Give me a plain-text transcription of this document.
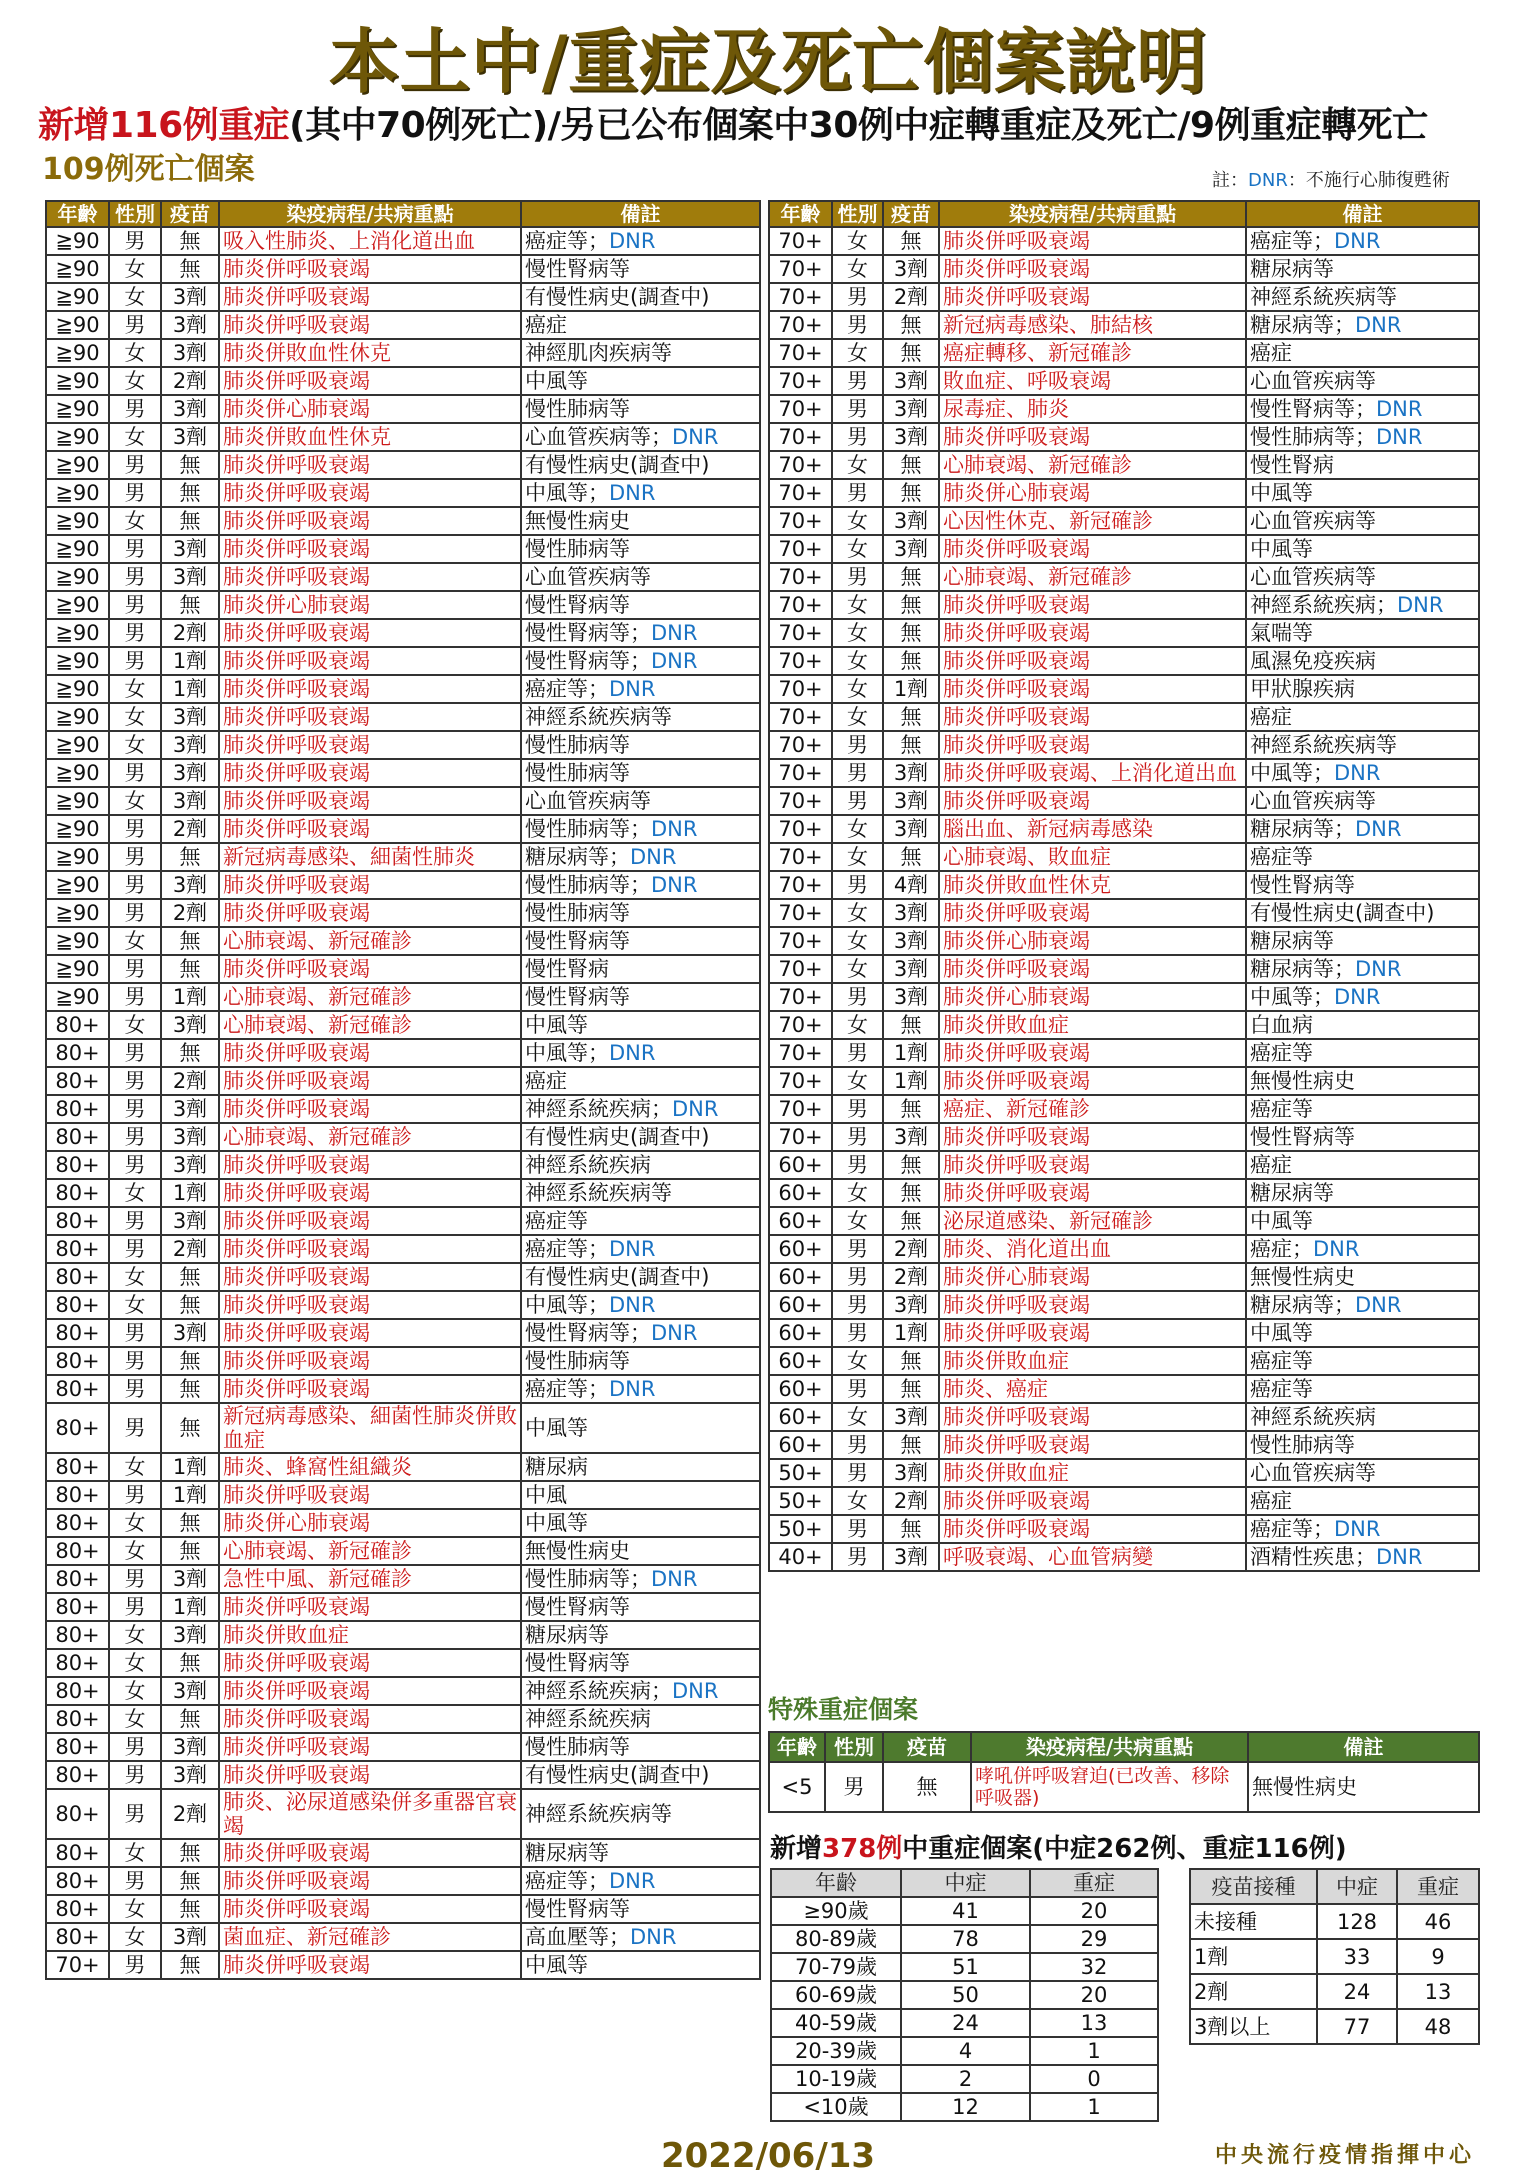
本土中/重症及死亡個案說明
新增116例重症(其中70例死亡)/另已公布個案中30例中症轉重症及死亡/9例重症轉死亡
109例死亡個案	註：DNR：不施行心肺復甦術
年齡	性別	疫苗	染疫病程/共病重點	備註
≧90	男	無	吸入性肺炎、上消化道出血	癌症等；DNR
≧90	女	無	肺炎併呼吸衰竭	慢性腎病等
≧90	女	3劑	肺炎併呼吸衰竭	有慢性病史(調查中)
≧90	男	3劑	肺炎併呼吸衰竭	癌症
≧90	女	3劑	肺炎併敗血性休克	神經肌肉疾病等
≧90	女	2劑	肺炎併呼吸衰竭	中風等
≧90	男	3劑	肺炎併心肺衰竭	慢性肺病等
≧90	女	3劑	肺炎併敗血性休克	心血管疾病等；DNR
≧90	男	無	肺炎併呼吸衰竭	有慢性病史(調查中)
≧90	男	無	肺炎併呼吸衰竭	中風等；DNR
≧90	女	無	肺炎併呼吸衰竭	無慢性病史
≧90	男	3劑	肺炎併呼吸衰竭	慢性肺病等
≧90	男	3劑	肺炎併呼吸衰竭	心血管疾病等
≧90	男	無	肺炎併心肺衰竭	慢性腎病等
≧90	男	2劑	肺炎併呼吸衰竭	慢性腎病等；DNR
≧90	男	1劑	肺炎併呼吸衰竭	慢性腎病等；DNR
≧90	女	1劑	肺炎併呼吸衰竭	癌症等；DNR
≧90	女	3劑	肺炎併呼吸衰竭	神經系統疾病等
≧90	女	3劑	肺炎併呼吸衰竭	慢性肺病等
≧90	男	3劑	肺炎併呼吸衰竭	慢性肺病等
≧90	女	3劑	肺炎併呼吸衰竭	心血管疾病等
≧90	男	2劑	肺炎併呼吸衰竭	慢性肺病等；DNR
≧90	男	無	新冠病毒感染、細菌性肺炎	糖尿病等；DNR
≧90	男	3劑	肺炎併呼吸衰竭	慢性肺病等；DNR
≧90	男	2劑	肺炎併呼吸衰竭	慢性肺病等
≧90	女	無	心肺衰竭、新冠確診	慢性腎病等
≧90	男	無	肺炎併呼吸衰竭	慢性腎病
≧90	男	1劑	心肺衰竭、新冠確診	慢性腎病等
80+	女	3劑	心肺衰竭、新冠確診	中風等
80+	男	無	肺炎併呼吸衰竭	中風等；DNR
80+	男	2劑	肺炎併呼吸衰竭	癌症
80+	男	3劑	肺炎併呼吸衰竭	神經系統疾病；DNR
80+	男	3劑	心肺衰竭、新冠確診	有慢性病史(調查中)
80+	男	3劑	肺炎併呼吸衰竭	神經系統疾病
80+	女	1劑	肺炎併呼吸衰竭	神經系統疾病等
80+	男	3劑	肺炎併呼吸衰竭	癌症等
80+	男	2劑	肺炎併呼吸衰竭	癌症等；DNR
80+	女	無	肺炎併呼吸衰竭	有慢性病史(調查中)
80+	女	無	肺炎併呼吸衰竭	中風等；DNR
80+	男	3劑	肺炎併呼吸衰竭	慢性腎病等；DNR
80+	男	無	肺炎併呼吸衰竭	慢性肺病等
80+	男	無	肺炎併呼吸衰竭	癌症等；DNR
80+	男	無	新冠病毒感染、細菌性肺炎併敗血症	中風等
80+	女	1劑	肺炎、蜂窩性組織炎	糖尿病
80+	男	1劑	肺炎併呼吸衰竭	中風
80+	女	無	肺炎併心肺衰竭	中風等
80+	女	無	心肺衰竭、新冠確診	無慢性病史
80+	男	3劑	急性中風、新冠確診	慢性肺病等；DNR
80+	男	1劑	肺炎併呼吸衰竭	慢性腎病等
80+	女	3劑	肺炎併敗血症	糖尿病等
80+	女	無	肺炎併呼吸衰竭	慢性腎病等
80+	女	3劑	肺炎併呼吸衰竭	神經系統疾病；DNR
80+	女	無	肺炎併呼吸衰竭	神經系統疾病
80+	男	3劑	肺炎併呼吸衰竭	慢性肺病等
80+	男	3劑	肺炎併呼吸衰竭	有慢性病史(調查中)
80+	男	2劑	肺炎、泌尿道感染併多重器官衰竭	神經系統疾病等
80+	女	無	肺炎併呼吸衰竭	糖尿病等
80+	男	無	肺炎併呼吸衰竭	癌症等；DNR
80+	女	無	肺炎併呼吸衰竭	慢性腎病等
80+	女	3劑	菌血症、新冠確診	高血壓等；DNR
70+	男	無	肺炎併呼吸衰竭	中風等
年齡	性別	疫苗	染疫病程/共病重點	備註
70+	女	無	肺炎併呼吸衰竭	癌症等；DNR
70+	女	3劑	肺炎併呼吸衰竭	糖尿病等
70+	男	2劑	肺炎併呼吸衰竭	神經系統疾病等
70+	男	無	新冠病毒感染、肺結核	糖尿病等；DNR
70+	女	無	癌症轉移、新冠確診	癌症
70+	男	3劑	敗血症、呼吸衰竭	心血管疾病等
70+	男	3劑	尿毒症、肺炎	慢性腎病等；DNR
70+	男	3劑	肺炎併呼吸衰竭	慢性肺病等；DNR
70+	女	無	心肺衰竭、新冠確診	慢性腎病
70+	男	無	肺炎併心肺衰竭	中風等
70+	女	3劑	心因性休克、新冠確診	心血管疾病等
70+	女	3劑	肺炎併呼吸衰竭	中風等
70+	男	無	心肺衰竭、新冠確診	心血管疾病等
70+	女	無	肺炎併呼吸衰竭	神經系統疾病；DNR
70+	女	無	肺炎併呼吸衰竭	氣喘等
70+	女	無	肺炎併呼吸衰竭	風濕免疫疾病
70+	女	1劑	肺炎併呼吸衰竭	甲狀腺疾病
70+	女	無	肺炎併呼吸衰竭	癌症
70+	男	無	肺炎併呼吸衰竭	神經系統疾病等
70+	男	3劑	肺炎併呼吸衰竭、上消化道出血	中風等；DNR
70+	男	3劑	肺炎併呼吸衰竭	心血管疾病等
70+	女	3劑	腦出血、新冠病毒感染	糖尿病等；DNR
70+	女	無	心肺衰竭、敗血症	癌症等
70+	男	4劑	肺炎併敗血性休克	慢性腎病等
70+	女	3劑	肺炎併呼吸衰竭	有慢性病史(調查中)
70+	女	3劑	肺炎併心肺衰竭	糖尿病等
70+	女	3劑	肺炎併呼吸衰竭	糖尿病等；DNR
70+	男	3劑	肺炎併心肺衰竭	中風等；DNR
70+	女	無	肺炎併敗血症	白血病
70+	男	1劑	肺炎併呼吸衰竭	癌症等
70+	女	1劑	肺炎併呼吸衰竭	無慢性病史
70+	男	無	癌症、新冠確診	癌症等
70+	男	3劑	肺炎併呼吸衰竭	慢性腎病等
60+	男	無	肺炎併呼吸衰竭	癌症
60+	女	無	肺炎併呼吸衰竭	糖尿病等
60+	女	無	泌尿道感染、新冠確診	中風等
60+	男	2劑	肺炎、消化道出血	癌症；DNR
60+	男	2劑	肺炎併心肺衰竭	無慢性病史
60+	男	3劑	肺炎併呼吸衰竭	糖尿病等；DNR
60+	男	1劑	肺炎併呼吸衰竭	中風等
60+	女	無	肺炎併敗血症	癌症等
60+	男	無	肺炎、癌症	癌症等
60+	女	3劑	肺炎併呼吸衰竭	神經系統疾病
60+	男	無	肺炎併呼吸衰竭	慢性肺病等
50+	男	3劑	肺炎併敗血症	心血管疾病等
50+	女	2劑	肺炎併呼吸衰竭	癌症
50+	男	無	肺炎併呼吸衰竭	癌症等；DNR
40+	男	3劑	呼吸衰竭、心血管病變	酒精性疾患；DNR
特殊重症個案
年齡	性別	疫苗	染疫病程/共病重點	備註
<5	男	無	哮吼併呼吸窘迫(已改善、移除呼吸器)	無慢性病史
新增378例中重症個案(中症262例、重症116例)
年齡	中症	重症
≥90歲	41	20
80-89歲	78	29
70-79歲	51	32
60-69歲	50	20
40-59歲	24	13
20-39歲	4	1
10-19歲	2	0
<10歲	12	1
疫苗接種	中症	重症
未接種	128	46
1劑	33	9
2劑	24	13
3劑以上	77	48
2022/06/13	中央流行疫情指揮中心
